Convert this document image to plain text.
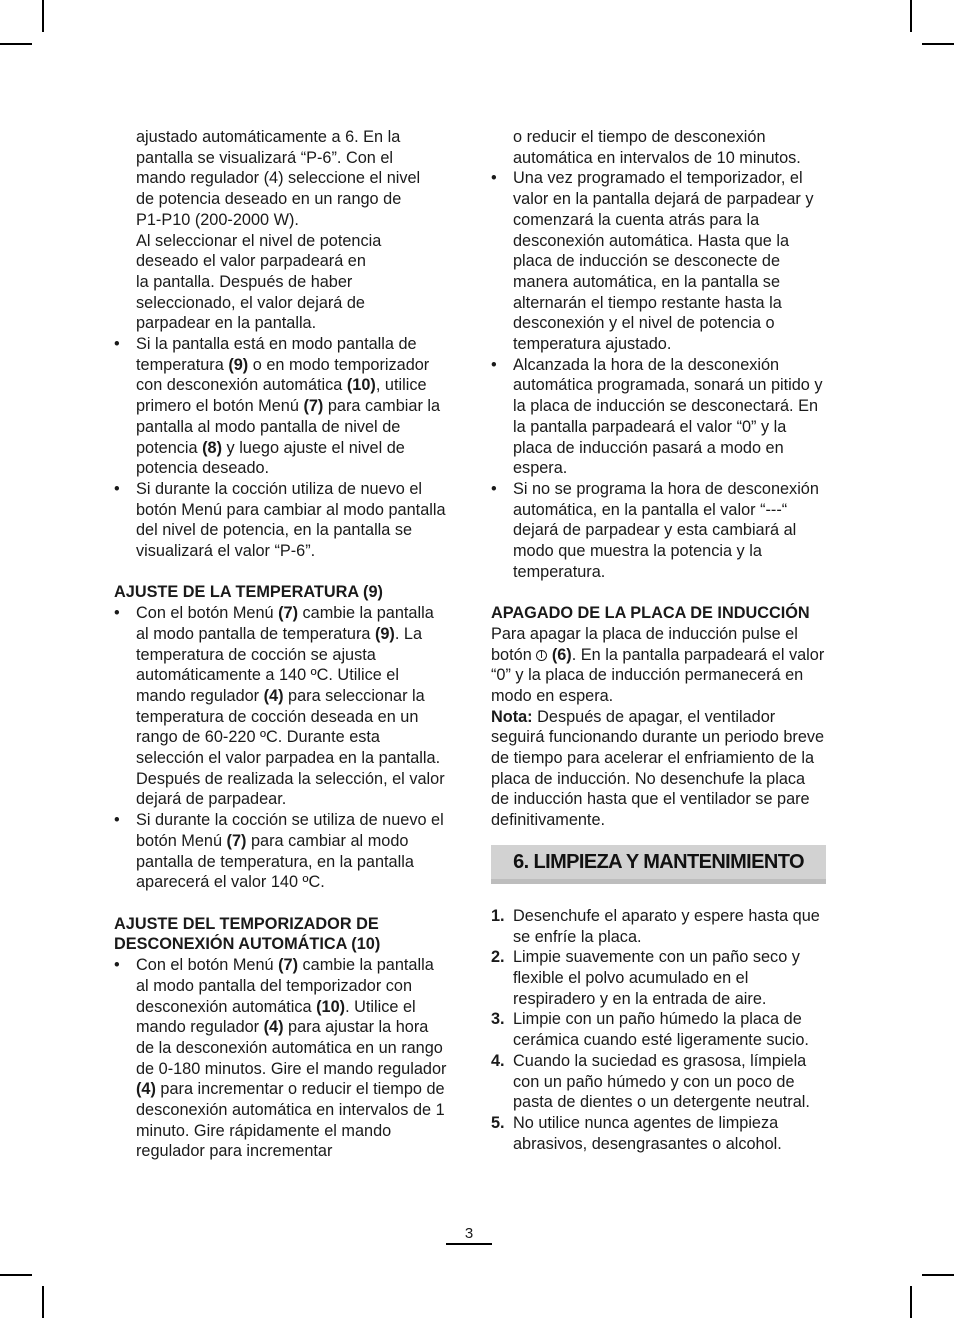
ajustado automáticamente a 6. En la
pantalla se visualizará “P-6”. Con el
mando regulador (4) seleccione el nivel
de potencia deseado en un rango de
P1-P10 (200-2000 W).
Al seleccionar el nivel de potencia
deseado el valor parpadeará en
la pantalla. Después de haber
seleccionado, el valor dejará de
parpadear en la pantalla.

• Si la pantalla está en modo pantalla de temperatura (9) o en modo temporizador con desconexión automática (10), utilice primero el botón Menú (7) para cambiar la pantalla al modo pantalla de nivel de potencia (8) y luego ajuste el nivel de potencia deseado.

• Si durante la cocción utiliza de nuevo el botón Menú para cambiar al modo pantalla del nivel de potencia, en la pantalla se visualizará el valor “P-6”.

AJUSTE DE LA TEMPERATURA (9)

• Con el botón Menú (7) cambie la pantalla al modo pantalla de temperatura (9). La temperatura de cocción se ajusta automáticamente a 140 ºC. Utilice el mando regulador (4) para seleccionar la temperatura de cocción deseada en un rango de 60-220 ºC. Durante esta selección el valor parpadea en la pantalla. Después de realizada la selección, el valor dejará de parpadear.

• Si durante la cocción se utiliza de nuevo el botón Menú (7) para cambiar al modo pantalla de temperatura, en la pantalla aparecerá el valor 140 ºC.

AJUSTE DEL TEMPORIZADOR DE
DESCONEXIÓN AUTOMÁTICA (10)

• Con el botón Menú (7) cambie la pantalla al modo pantalla del temporizador con desconexión automática (10). Utilice el mando regulador (4) para ajustar la hora de la desconexión automática en un rango de 0-180 minutos. Gire el mando regulador (4) para incrementar o reducir el tiempo de desconexión automática en intervalos de 1 minuto. Gire rápidamente el mando regulador para incrementar

o reducir el tiempo de desconexión automática en intervalos de 10 minutos.

• Una vez programado el temporizador, el valor en la pantalla dejará de parpadear y comenzará la cuenta atrás para la desconexión automática. Hasta que la placa de inducción se desconecte de manera automática, en la pantalla se alternarán el tiempo restante hasta la desconexión y el nivel de potencia o temperatura ajustado.

• Alcanzada la hora de la desconexión automática programada, sonará un pitido y la placa de inducción se desconectará. En la pantalla parpadeará el valor “0” y la placa de inducción pasará a modo en espera.

• Si no se programa la hora de desconexión automática, en la pantalla el valor “---“ dejará de parpadear y esta cambiará al modo que muestra la potencia y la temperatura.

APAGADO DE LA PLACA DE INDUCCIÓN

Para apagar la placa de inducción pulse el botón  (6). En la pantalla parpadeará el valor “0” y la placa de inducción permanecerá en modo en espera.

Nota: Después de apagar, el ventilador seguirá funcionando durante un periodo breve de tiempo para acelerar el enfriamiento de la placa de inducción. No desenchufe la placa de inducción hasta que el ventilador se pare definitivamente.

6. LIMPIEZA Y MANTENIMIENTO

1. Desenchufe el aparato y espere hasta que se enfríe la placa.

2. Limpie suavemente con un paño seco y flexible el polvo acumulado en el respiradero y en la entrada de aire.

3. Limpie con un paño húmedo la placa de cerámica cuando esté ligeramente sucio.

4. Cuando la suciedad es grasosa, límpiela con un paño húmedo y con un poco de pasta de dientes o un detergente neutral.

5. No utilice nunca agentes de limpieza abrasivos, desengrasantes o alcohol.

3
